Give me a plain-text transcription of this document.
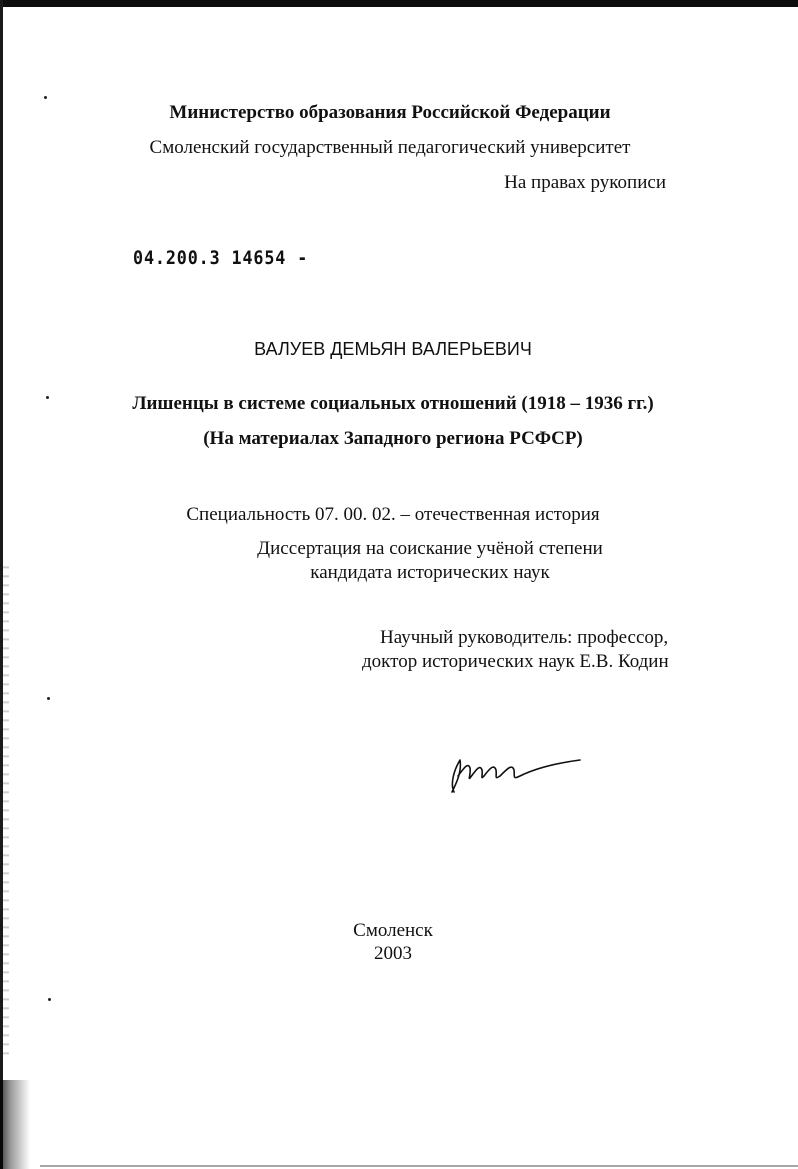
Министерство образования Российской Федерации
Смоленский государственный педагогический университет
На правах рукописи
04.200.3 14654 -
ВАЛУЕВ ДЕМЬЯН ВАЛЕРЬЕВИЧ
Лишенцы в системе социальных отношений (1918 – 1936 гг.)
(На материалах Западного региона РСФСР)
Специальность 07. 00. 02. – отечественная история
Диссертация на соискание учёной степени
кандидата исторических наук
Научный руководитель: профессор,
доктор исторических наук Е.В. Кодин
Смоленск
2003
